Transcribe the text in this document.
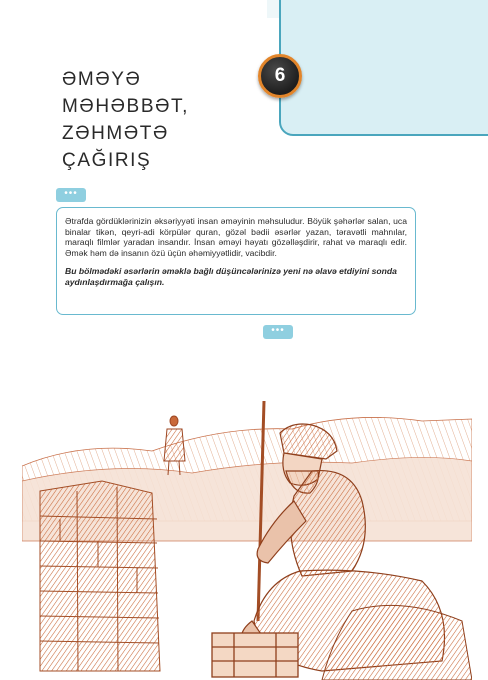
6
ƏMƏYƏ
MƏHƏBBƏT,
ZƏHMƏTƏ
ÇAĞIRIŞ
•••

Ətrafda gördüklərinizin əksəriyyəti insan əməyinin məhsuludur. Böyük şəhərlər salan, uca binalar tikən, qeyri-adi körpülər quran, gözəl bədii əsərlər yazan, təravətli mahnılar, maraqlı filmlər yaradan insandır. İnsan əməyi həyatı gözəlləşdirir, rahat və maraqlı edir. Əmək həm də insanın özü üçün əhəmiyyətlidir, vacibdir.

Bu bölmədəki əsərlərin əməklə bağlı düşüncələrinizə yeni nə əlavə etdiyini sonda aydınlaşdırmağa çalışın.

•••
